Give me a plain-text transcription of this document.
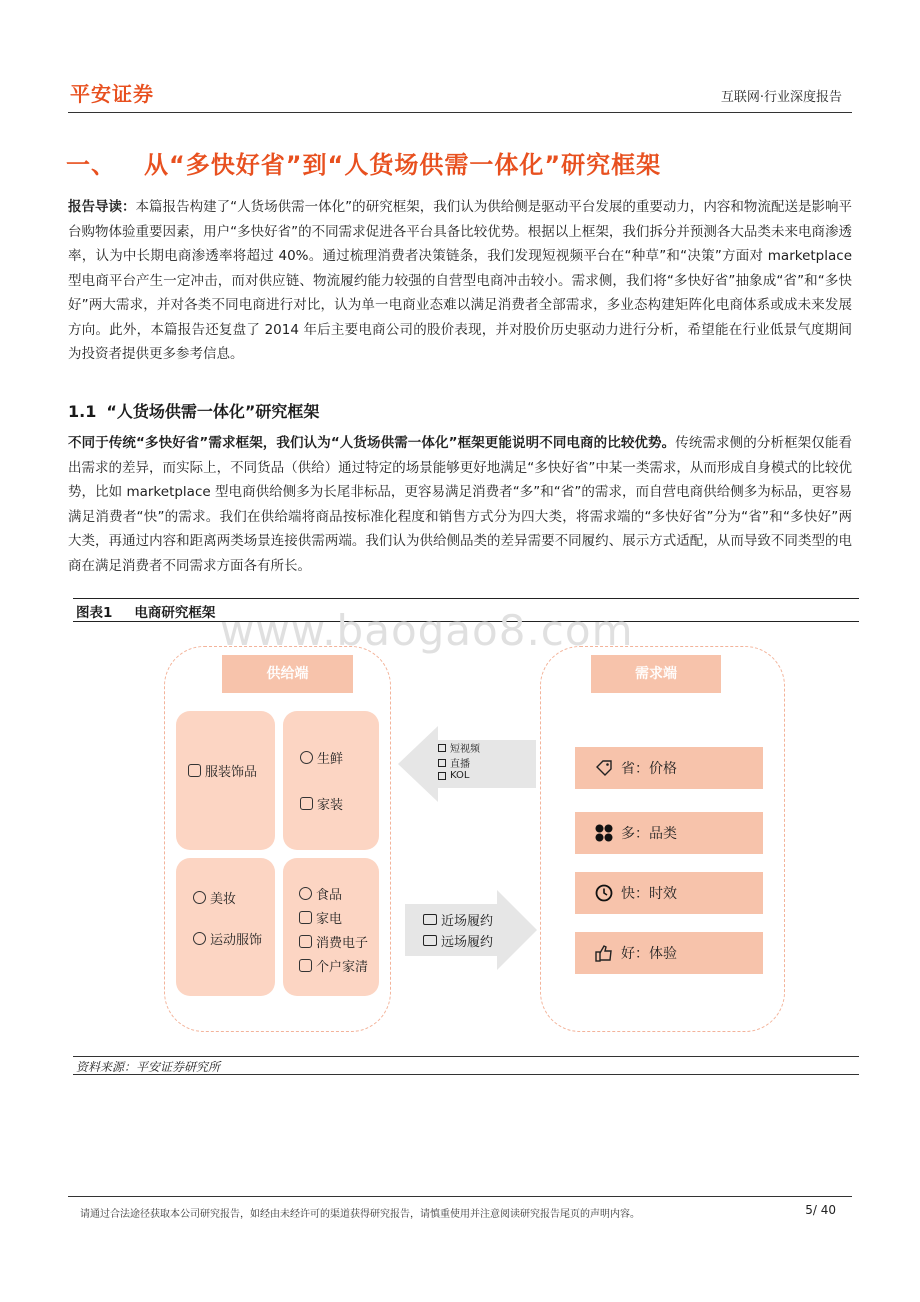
平安证券	互联网·行业深度报告
一、 从“多快好省”到“人货场供需一体化”研究框架
报告导读：本篇报告构建了“人货场供需一体化”的研究框架，我们认为供给侧是驱动平台发展的重要动力，内容和物流配送是影响平台购物体验重要因素，用户“多快好省”的不同需求促进各平台具备比较优势。根据以上框架，我们拆分并预测各大品类未来电商渗透率，认为中长期电商渗透率将超过 40%。通过梳理消费者决策链条，我们发现短视频平台在“种草”和“决策”方面对 marketplace 型电商平台产生一定冲击，而对供应链、物流履约能力较强的自营型电商冲击较小。需求侧，我们将“多快好省”抽象成“省”和“多快好”两大需求，并对各类不同电商进行对比，认为单一电商业态难以满足消费者全部需求，多业态构建矩阵化电商体系或成未来发展方向。此外，本篇报告还复盘了 2014 年后主要电商公司的股价表现，并对股价历史驱动力进行分析，希望能在行业低景气度期间为投资者提供更多参考信息。
1.1 “人货场供需一体化”研究框架
不同于传统“多快好省”需求框架，我们认为“人货场供需一体化”框架更能说明不同电商的比较优势。传统需求侧的分析框架仅能看出需求的差异，而实际上，不同货品（供给）通过特定的场景能够更好地满足“多快好省”中某一类需求，从而形成自身模式的比较优势，比如 marketplace 型电商供给侧多为长尾非标品，更容易满足消费者“多”和“省”的需求，而自营电商供给侧多为标品，更容易满足消费者“快”的需求。我们在供给端将商品按标准化程度和销售方式分为四大类，将需求端的“多快好省”分为“省”和“多快好”两大类，再通过内容和距离两类场景连接供需两端。我们认为供给侧品类的差异需要不同履约、展示方式适配，从而导致不同类型的电商在满足消费者不同需求方面各有所长。
图表1 电商研究框架 www.baogao8.com
供给端	需求端
服装饰品
生鲜
家装
美妆
运动服饰
食品
家电
消费电子
个户家清
短视频
直播
KOL
近场履约
远场履约
省：价格
多：品类
快：时效
好：体验
资料来源：平安证券研究所
请通过合法途径获取本公司研究报告，如经由未经许可的渠道获得研究报告，请慎重使用并注意阅读研究报告尾页的声明内容。	5/ 40
